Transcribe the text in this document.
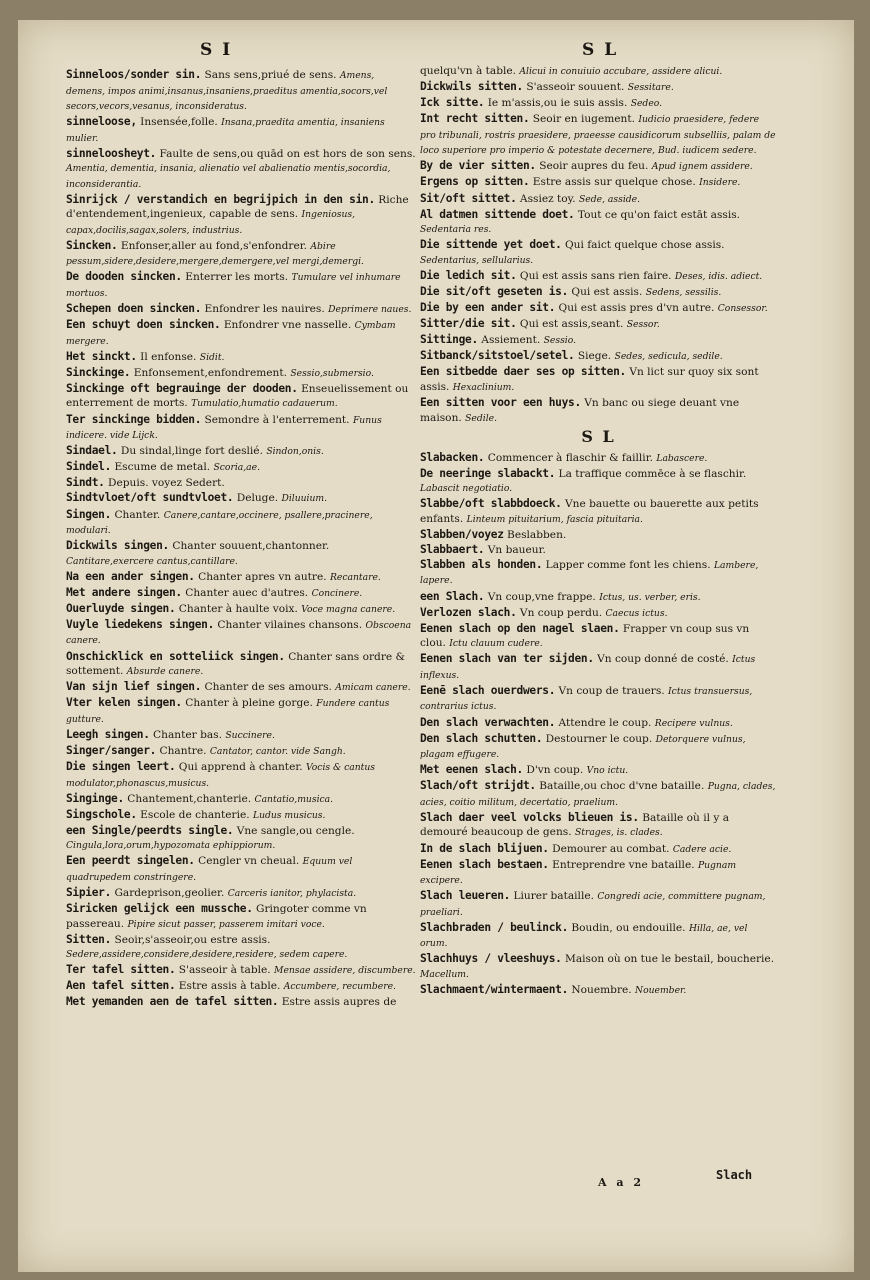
S I	S L

Sinneloos/sonder sin. Sans sens,priué de sens. Amens, demens, impos animi,insanus,insaniens,praeditus amentia,socors,vel secors,vecors,vesanus, inconsideratus.

sinneloose, Insensée,folle. Insana,praedita amentia, insaniens mulier.

sinneloosheyt. Faulte de sens,ou quād on est hors de son sens. Amentia, dementia, insania, alienatio vel abalienatio mentis,socordia, inconsiderantia.

Sinrijck / verstandich en begrijpich in den sin. Riche d'entendement,ingenieux, capable de sens. Ingeniosus, capax,docilis,sagax,solers, industrius.

Sincken. Enfonser,aller au fond,s'enfondrer. Abire pessum,sidere,desidere,mergere,demergere,vel mergi,demergi.

De dooden sincken. Enterrer les morts. Tumulare vel inhumare mortuos.

Schepen doen sincken. Enfondrer les nauires. Deprimere naues.

Een schuyt doen sincken. Enfondrer vne nasselle. Cymbam mergere.

Het sinckt. Il enfonse. Sidit.

Sinckinge. Enfonsement,enfondrement. Sessio,submersio.

Sinckinge oft begrauinge der dooden. Enseuelissement ou enterrement de morts. Tumulatio,humatio cadauerum.

Ter sinckinge bidden. Semondre à l'enterrement. Funus indicere. vide Lijck.

Sindael. Du sindal,linge fort deslié. Sindon,onis.

Sindel. Escume de metal. Scoria,ae.

Sindt. Depuis. voyez Sedert.

Sindtvloet/oft sundtvloet. Deluge. Diluuium.

Singen. Chanter. Canere,cantare,occinere, psallere,pracinere, modulari.

Dickwils singen. Chanter souuent,chantonner. Cantitare,exercere cantus,cantillare.

Na een ander singen. Chanter apres vn autre. Recantare.

Met andere singen. Chanter auec d'autres. Concinere.

Ouerluyde singen. Chanter à haulte voix. Voce magna canere.

Vuyle liedekens singen. Chanter vilaines chansons. Obscoena canere.

Onschicklick en sotteliick singen. Chanter sans ordre & sottement. Absurde canere.

Van sijn lief singen. Chanter de ses amours. Amicam canere.

Vter kelen singen. Chanter à pleine gorge. Fundere cantus gutture.

Leegh singen. Chanter bas. Succinere.

Singer/sanger. Chantre. Cantator, cantor. vide Sangh.

Die singen leert. Qui apprend à chanter. Vocis & cantus modulator,phonascus,musicus.

Singinge. Chantement,chanterie. Cantatio,musica.

Singschole. Escole de chanterie. Ludus musicus.

een Single/peerdts single. Vne sangle,ou cengle. Cingula,lora,orum,hypozomata ephippiorum.

Een peerdt singelen. Cengler vn cheual. Equum vel quadrupedem constringere.

Sipier. Gardeprison,geolier. Carceris ianitor, phylacista.

Siricken gelijck een mussche. Gringoter comme vn passereau. Pipire sicut passer, passerem imitari voce.

Sitten. Seoir,s'asseoir,ou estre assis. Sedere,assidere,considere,desidere,residere, sedem capere.

Ter tafel sitten. S'asseoir à table. Mensae assidere, discumbere.

Aen tafel sitten. Estre assis à table. Accumbere, recumbere.

Met yemanden aen de tafel sitten. Estre assis aupres de

quelqu'vn à table. Alicui in conuiuio accubare, assidere alicui.

Dickwils sitten. S'asseoir souuent. Sessitare.

Ick sitte. Ie m'assis,ou ie suis assis. Sedeo.

Int recht sitten. Seoir en iugement. Iudicio praesidere, federe pro tribunali, rostris praesidere, praeesse causidicorum subselliis, palam de loco superiore pro imperio & potestate decernere, Bud. iudicem sedere.

By de vier sitten. Seoir aupres du feu. Apud ignem assidere.

Ergens op sitten. Estre assis sur quelque chose. Insidere.

Sit/oft sittet. Assiez toy. Sede, asside.

Al datmen sittende doet. Tout ce qu'on faict estāt assis. Sedentaria res.

Die sittende yet doet. Qui faict quelque chose assis. Sedentarius, sellularius.

Die ledich sit. Qui est assis sans rien faire. Deses, idis. adiect.

Die sit/oft geseten is. Qui est assis. Sedens, sessilis.

Die by een ander sit. Qui est assis pres d'vn autre. Consessor.

Sitter/die sit. Qui est assis,seant. Sessor.

Sittinge. Assiement. Sessio.

Sitbanck/sitstoel/setel. Siege. Sedes, sedicula, sedile.

Een sitbedde daer ses op sitten. Vn lict sur quoy six sont assis. Hexaclinium.

Een sitten voor een huys. Vn banc ou siege deuant vne maison. Sedile.

S L

Slabacken. Commencer à flaschir & faillir. Labascere.

De neeringe slabackt. La traffique commēce à se flaschir. Labascit negotiatio.

Slabbe/oft slabbdoeck. Vne bauette ou bauerette aux petits enfants. Linteum pituitarium, fascia pituitaria.

Slabben/voyez Beslabben.

Slabbaert. Vn baueur.

Slabben als honden. Lapper comme font les chiens. Lambere, lapere.

een Slach. Vn coup,vne frappe. Ictus, us. verber, eris.

Verlozen slach. Vn coup perdu. Caecus ictus.

Eenen slach op den nagel slaen. Frapper vn coup sus vn clou. Ictu clauum cudere.

Eenen slach van ter sijden. Vn coup donné de costé. Ictus inflexus.

Eenē slach ouerdwers. Vn coup de trauers. Ictus transuersus, contrarius ictus.

Den slach verwachten. Attendre le coup. Recipere vulnus.

Den slach schutten. Destourner le coup. Detorquere vulnus, plagam effugere.

Met eenen slach. D'vn coup. Vno ictu.

Slach/oft strijdt. Bataille,ou choc d'vne bataille. Pugna, clades, acies, coitio militum, decertatio, praelium.

Slach daer veel volcks blieuen is. Bataille où il y a demouré beaucoup de gens. Strages, is. clades.

In de slach blijuen. Demourer au combat. Cadere acie.

Eenen slach bestaen. Entreprendre vne bataille. Pugnam excipere.

Slach leueren. Liurer bataille. Congredi acie, committere pugnam, praeliari.

Slachbraden / beulinck. Boudin, ou endouille. Hilla, ae, vel orum.

Slachhuys / vleeshuys. Maison où on tue le bestail, boucherie. Macellum.

Slachmaent/wintermaent. Nouembre. Nouember.

A a 2
Slach
